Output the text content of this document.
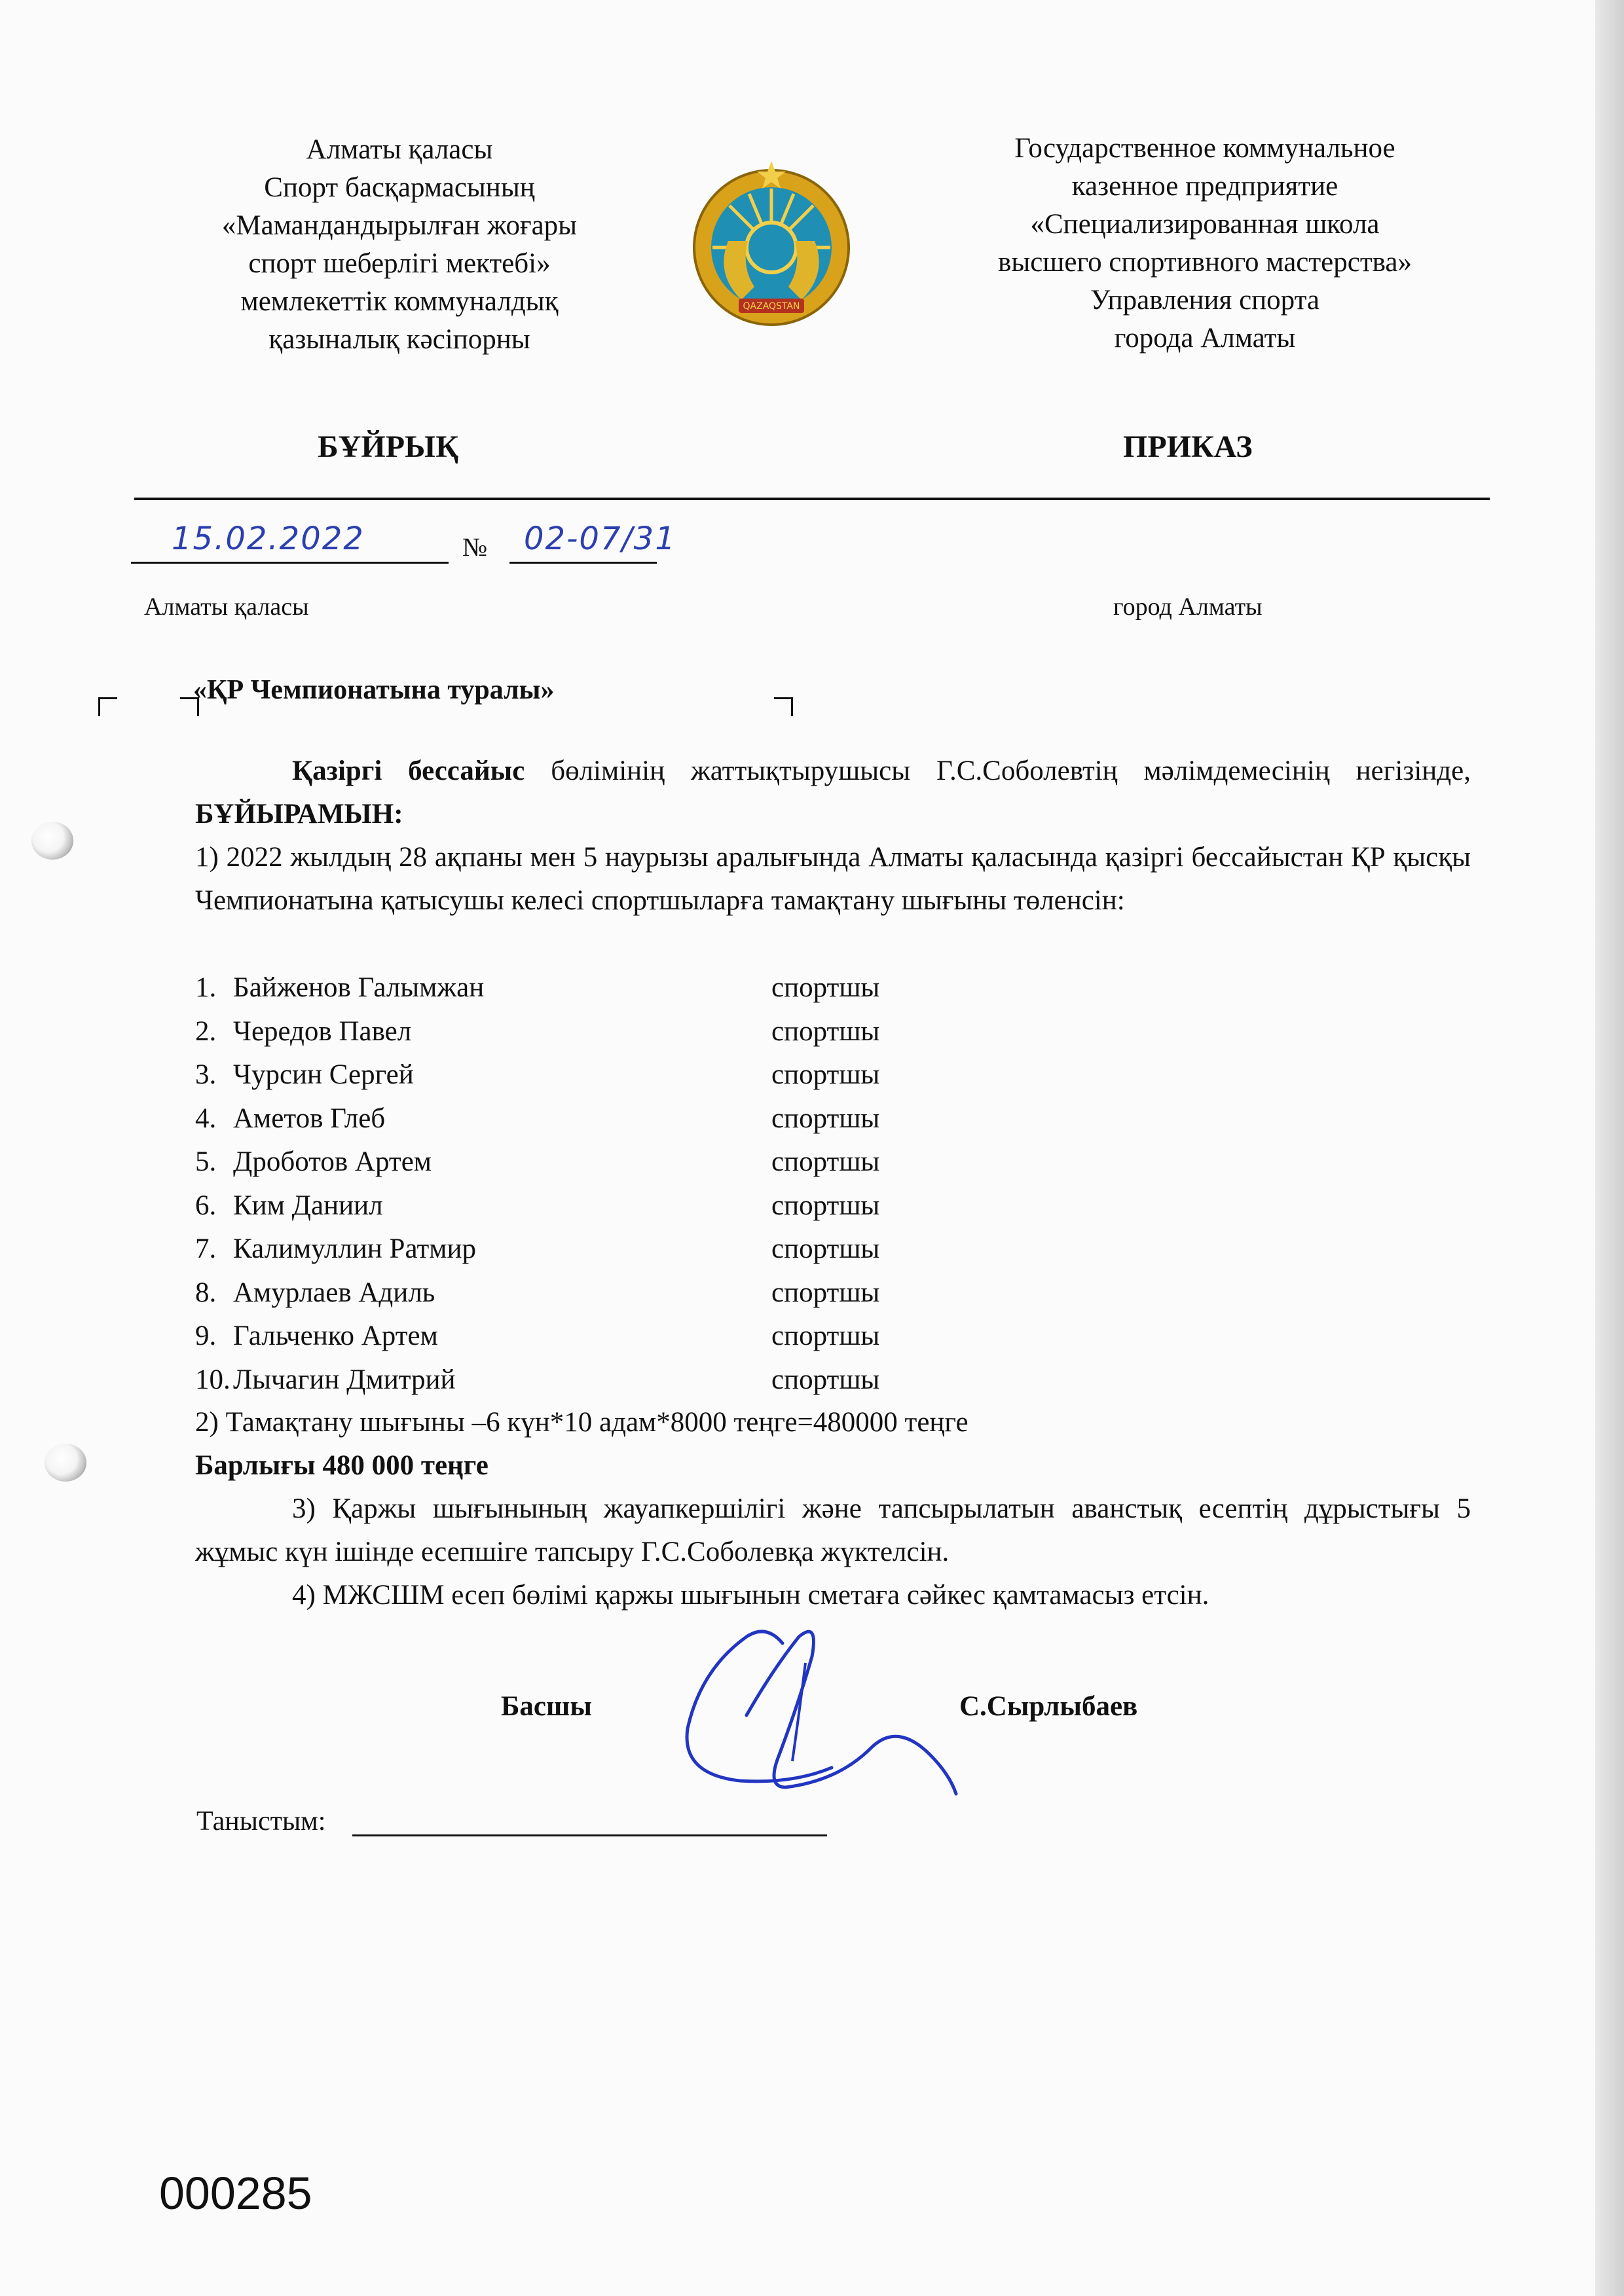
Алматы қаласы
Спорт басқармасының
«Мамандандырылған жоғары
спорт шеберлігі мектебі»
мемлекеттік коммуналдық
қазыналық кәсіпорны
QAZAQSTAN
Государственное коммунальное
казенное предприятие
«Специализированная школа
высшего спортивного мастерства»
Управления спорта
города Алматы
БҰЙРЫҚ	ПРИКАЗ
15.02.2022	№ 02-07/31
Алматы қаласы	город Алматы
«ҚР Чемпионатына туралы»
Қазіргі бессайыс бөлімінің жаттықтырушысы Г.С.Соболевтің мәлімдемесінің негізінде, БҰЙЫРАМЫН:
1) 2022 жылдың 28 ақпаны мен 5 наурызы аралығында Алматы қаласында қазіргі бессайыстан ҚР қысқы Чемпионатына қатысушы келесі спортшыларға тамақтану шығыны төленсін:
1. Байженов Галымжан	спортшы
2. Чередов Павел	спортшы
3. Чурсин Сергей	спортшы
4. Аметов Глеб	спортшы
5. Дроботов Артем	спортшы
6. Ким Даниил	спортшы
7. Калимуллин Ратмир	спортшы
8. Амурлаев Адиль	спортшы
9. Гальченко Артем	спортшы
10. Лычагин Дмитрий	спортшы
2) Тамақтану шығыны –6 күн*10 адам*8000 теңге=480000 теңге
Барлығы 480 000 теңге
3) Қаржы шығынының жауапкершілігі және тапсырылатын аванстық есептің дұрыстығы 5 жұмыс күн ішінде есепшіге тапсыру Г.С.Соболевқа жүктелсін.
4) МЖСШМ есеп бөлімі қаржы шығынын сметаға сәйкес қамтамасыз етсін.
Басшы	С.Сырлыбаев
Таныстым:
000285
